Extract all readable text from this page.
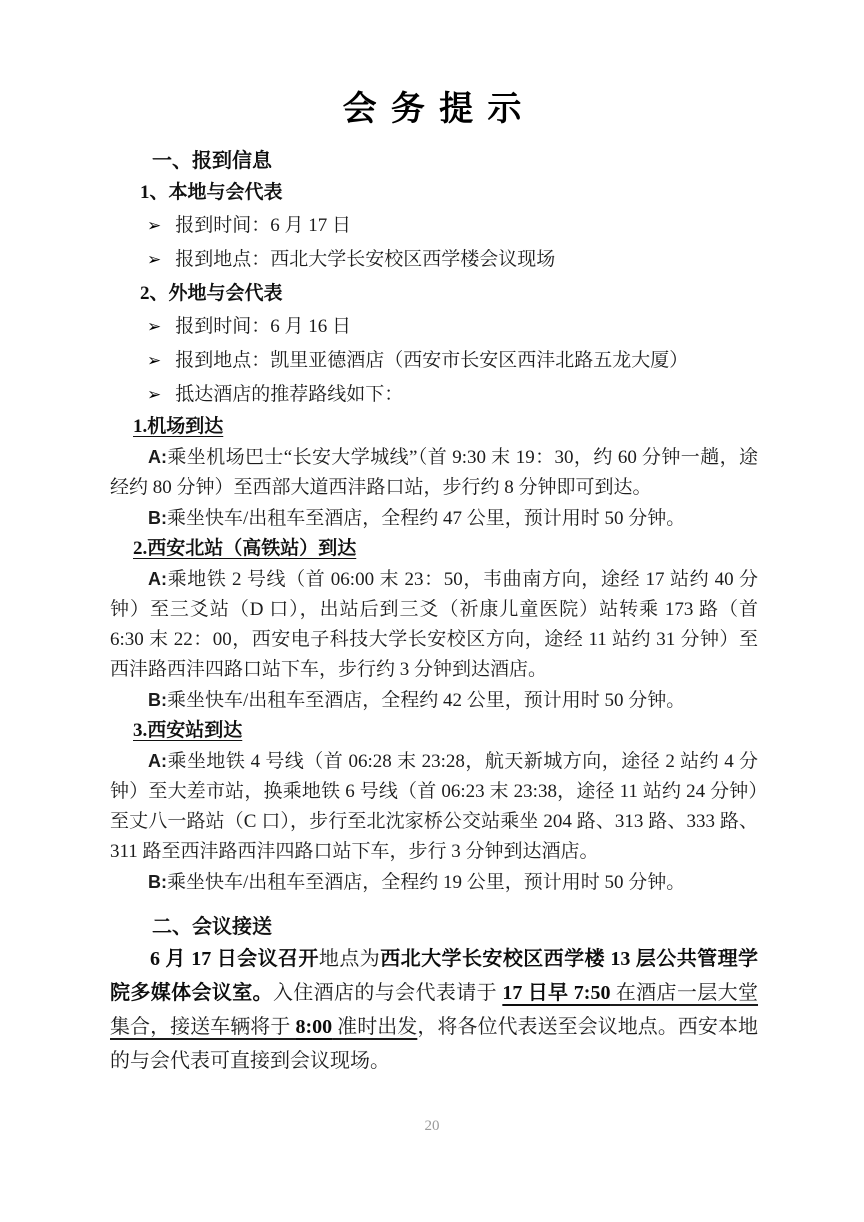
会务提示
一、报到信息
1、本地与会代表
➢ 报到时间：6 月 17 日
➢ 报到地点：西北大学长安校区西学楼会议现场
2、外地与会代表
➢ 报到时间：6 月 16 日
➢ 报到地点：凯里亚德酒店（西安市长安区西沣北路五龙大厦）
➢ 抵达酒店的推荐路线如下：
1.机场到达

A:乘坐机场巴士“长安大学城线”（首 9:30 末 19：30，约 60 分钟一趟，途经约 80 分钟）至西部大道西沣路口站，步行约 8 分钟即可到达。

B:乘坐快车/出租车至酒店，全程约 47 公里，预计用时 50 分钟。

2.西安北站（高铁站）到达

A:乘地铁 2 号线（首 06:00 末 23：50，韦曲南方向，途经 17 站约 40 分钟）至三爻站（D 口），出站后到三爻（祈康儿童医院）站转乘 173 路（首 6:30 末 22：00，西安电子科技大学长安校区方向，途经 11 站约 31 分钟）至西沣路西沣四路口站下车，步行约 3 分钟到达酒店。

B:乘坐快车/出租车至酒店，全程约 42 公里，预计用时 50 分钟。

3.西安站到达

A:乘坐地铁 4 号线（首 06:28 末 23:28，航天新城方向，途径 2 站约 4 分钟）至大差市站，换乘地铁 6 号线（首 06:23 末 23:38，途径 11 站约 24 分钟）至丈八一路站（C 口），步行至北沈家桥公交站乘坐 204 路、313 路、333 路、311 路至西沣路西沣四路口站下车，步行 3 分钟到达酒店。

B:乘坐快车/出租车至酒店，全程约 19 公里，预计用时 50 分钟。

二、会议接送

6 月 17 日会议召开地点为西北大学长安校区西学楼 13 层公共管理学院多媒体会议室。入住酒店的与会代表请于 17 日早 7:50 在酒店一层大堂集合，接送车辆将于 8:00 准时出发，将各位代表送至会议地点。西安本地的与会代表可直接到会议现场。

20
